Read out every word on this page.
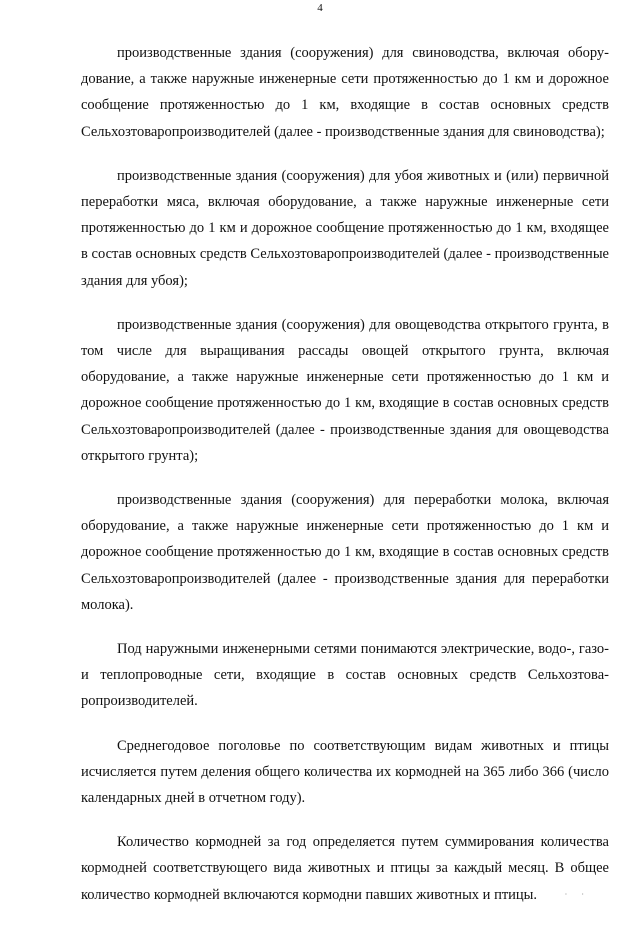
4

производственные здания (сооружения) для свиноводства, включая оборудование, а также наружные инженерные сети протяженностью до 1 км и дорожное сообщение протяженностью до 1 км, входящие в состав основных средств Сельхозтоваропроизводителей (далее - производственные здания для свиноводства);

производственные здания (сооружения) для убоя животных и (или) первичной переработки мяса, включая оборудование, а также наружные инженерные сети протяженностью до 1 км и дорожное сообщение протяженностью до 1 км, входящее в состав основных средств Сельхозтоваропроизводителей (далее - производственные здания для убоя);

производственные здания (сооружения) для овощеводства открытого грунта, в том числе для выращивания рассады овощей открытого грунта, включая оборудование, а также наружные инженерные сети протяженностью до 1 км и дорожное сообщение протяженностью до 1 км, входящие в состав основных средств Сельхозтоваропроизводителей (далее - производственные здания для овощеводства открытого грунта);

производственные здания (сооружения) для переработки молока, включая оборудование, а также наружные инженерные сети протяженностью до 1 км и дорожное сообщение протяженностью до 1 км, входящие в состав основных средств Сельхозтоваропроизводителей (далее - производственные здания для переработки молока).

Под наружными инженерными сетями понимаются электрические, водо-, газо- и теплопроводные сети, входящие в состав основных средств Сельхозтоваропроизводителей.

Среднегодовое поголовье по соответствующим видам животных и птицы исчисляется путем деления общего количества их кормодней на 365 либо 366 (число календарных дней в отчетном году).

Количество кормодней за год определяется путем суммирования количества кормодней соответствующего вида животных и птицы за каждый месяц. В общее количество кормодней включаются кормодни павших животных и птицы.	· ·
